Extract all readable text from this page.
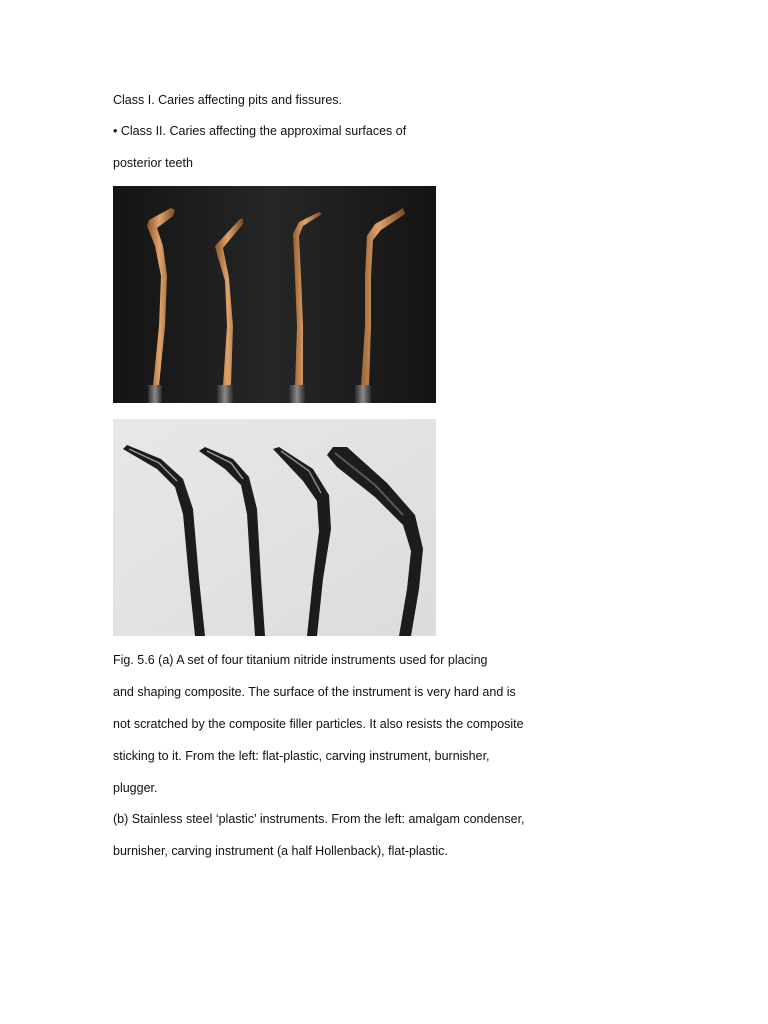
Class I. Caries affecting pits and fissures.
• Class II. Caries affecting the approximal surfaces of
posterior teeth
Fig. 5.6 (a) A set of four titanium nitride instruments used for placing
and shaping composite. The surface of the instrument is very hard and is
not scratched by the composite filler particles. It also resists the composite
sticking to it. From the left: flat-plastic, carving instrument, burnisher,
plugger.
(b) Stainless steel ‘plastic’ instruments. From the left: amalgam condenser,
burnisher, carving instrument (a half Hollenback), flat-plastic.
